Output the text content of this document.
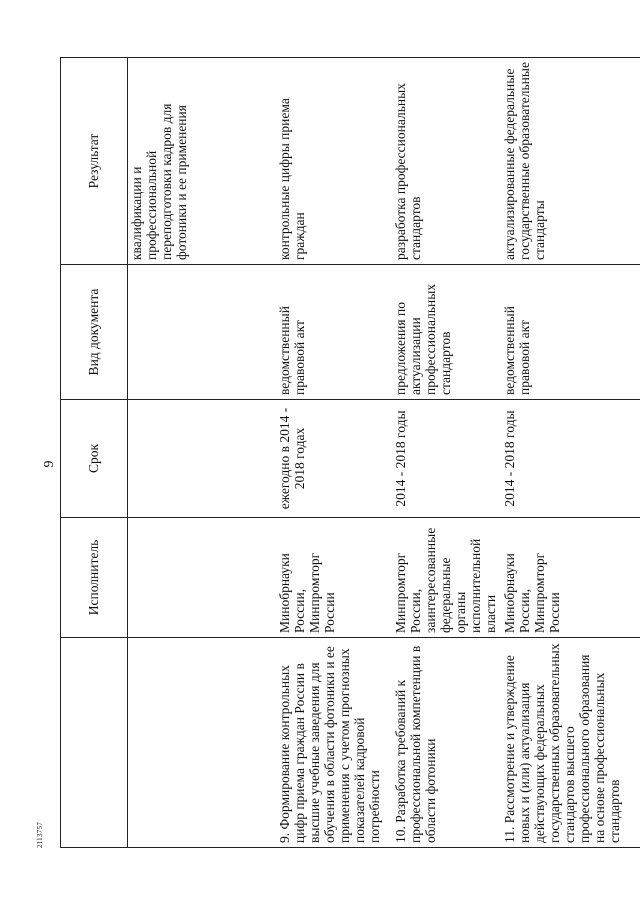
9
2113757
	Исполнитель	Срок	Вид документа	Результат
				квалификации и профессиональной переподготовки кадров для фотоники и ее применения
9. Формирование контрольных цифр приема граждан России в высшие учебные заведения для обучения в области фотоники и ее применения с учетом прогнозных показателей кадровой потребности	Минобрнауки России, Минпромторг России	ежегодно в 2014 - 2018 годах	ведомственный правовой акт	контрольные цифры приема граждан
10. Разработка требований к профессиональной компетенции в области фотоники	Минпромторг России, заинтересованные федеральные органы исполнительной власти	2014 - 2018 годы	предложения по актуализации профессиональных стандартов	разработка профессиональных стандартов
11. Рассмотрение и утверждение новых и (или) актуализация действующих федеральных государственных образовательных стандартов высшего профессионального образования на основе профессиональных стандартов	Минобрнауки России, Минпромторг России	2014 - 2018 годы	ведомственный правовой акт	актуализированные федеральные государственные образовательные стандарты
